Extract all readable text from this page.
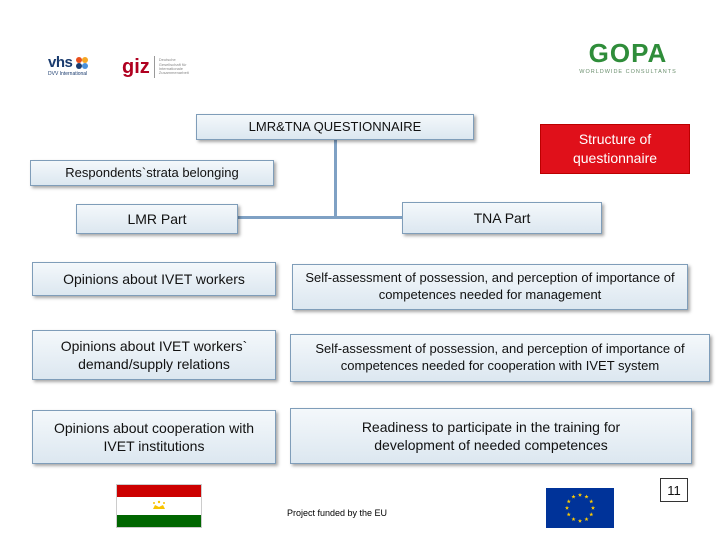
vhs
DVV International	giz Deutsche Gesellschaft für Internationale Zusammenarbeit
GOPA
WORLDWIDE CONSULTANTS
LMR&TNA QUESTIONNAIRE
Structure of questionnaire
Respondents`strata belonging
LMR Part	TNA Part
Opinions about IVET workers
Opinions about IVET workers` demand/supply relations
Opinions about cooperation with IVET institutions
Self-assessment of possession, and perception of importance of competences needed for management
Self-assessment of possession, and perception of importance of competences needed for cooperation with IVET system
Readiness to participate in the training for development of needed competences
Project funded by the EU
11
